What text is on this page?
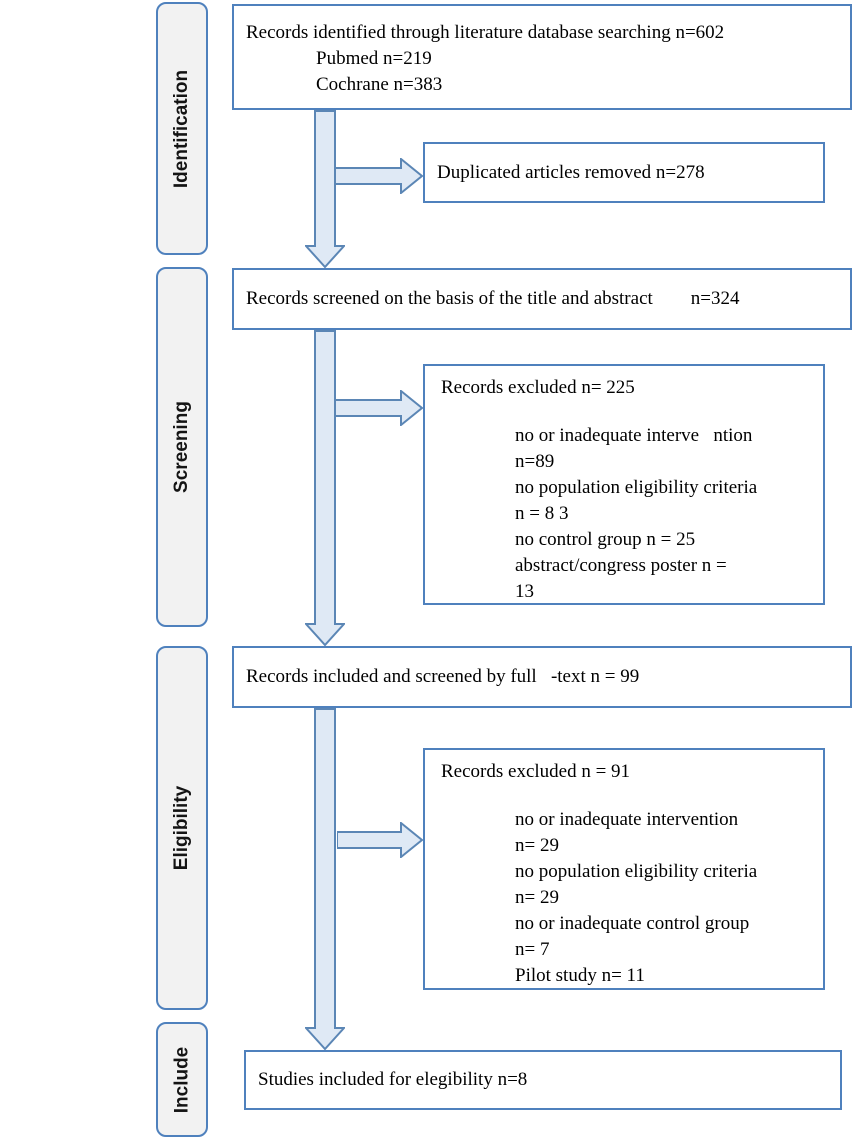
Identification
Screening
Eligibility
Include
Records identified through literature database searching n=602
Pubmed n=219
Cochrane n=383
Duplicated articles removed n=278
Records screened on the basis of the title and abstract        n=324
Records excluded n= 225
no or inadequate interve   ntion
n=89
no population eligibility criteria
n = 8 3
no control group n = 25
abstract/congress poster n =
13
Records included and screened by full   -text n = 99
Records excluded n = 91
no or inadequate intervention
n= 29
no population eligibility criteria
n= 29
no or inadequate control group
n= 7
Pilot study n= 11
Studies included for elegibility n=8
